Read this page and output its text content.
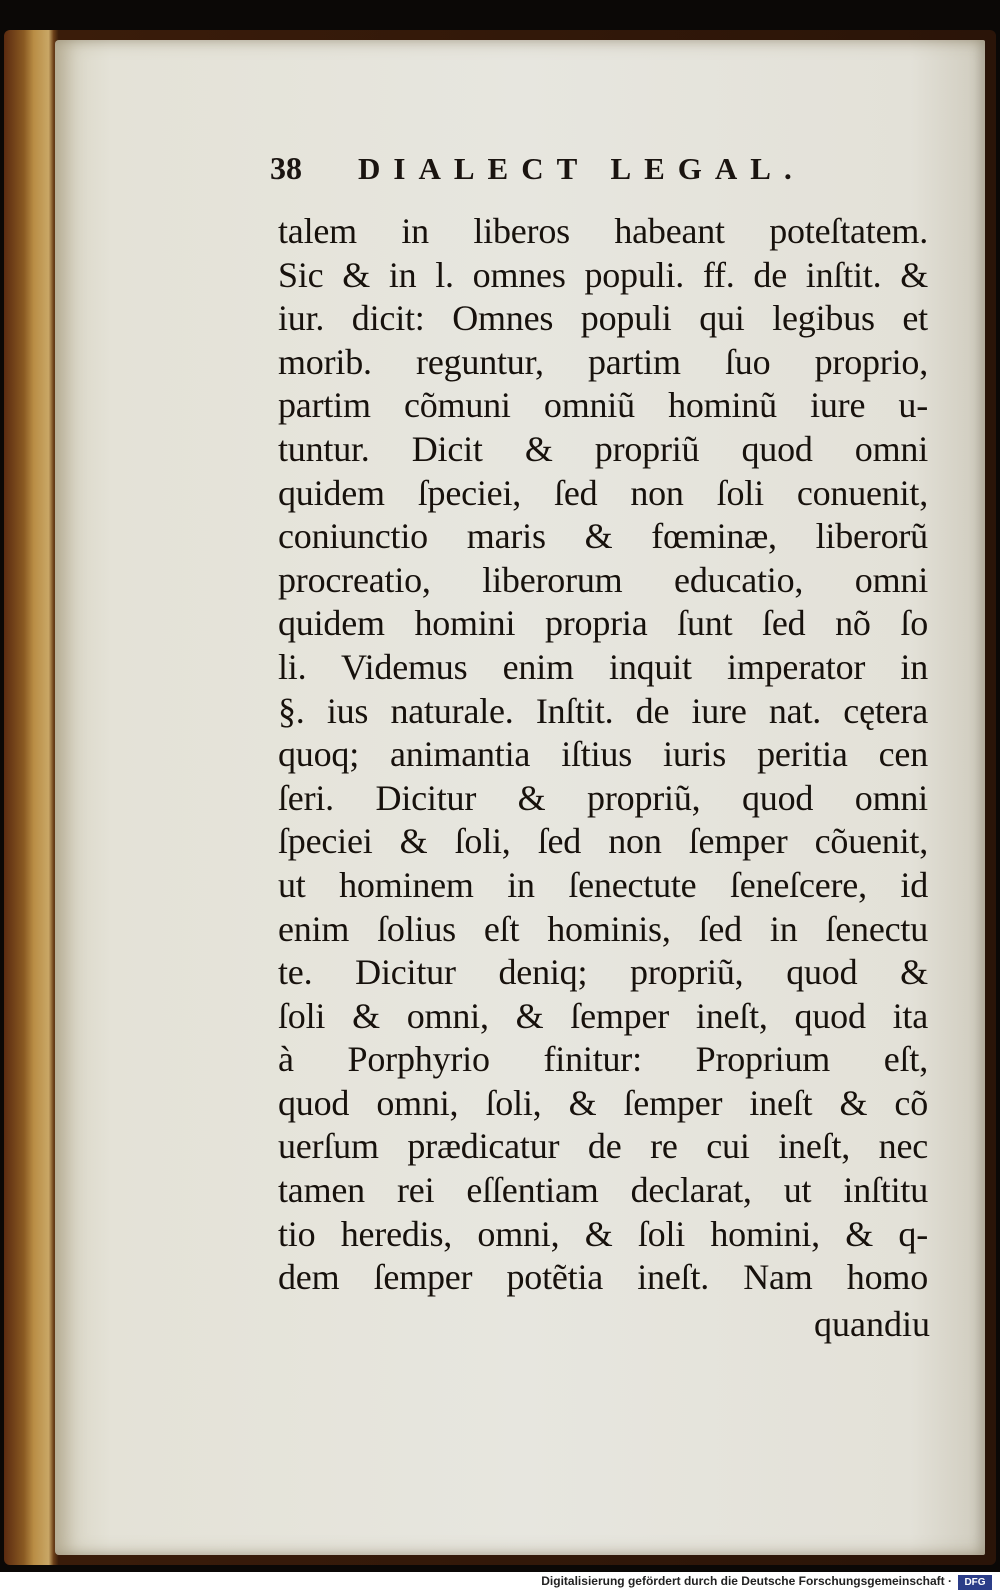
38	DIALECT LEGAL.
talem in liberos habeant poteſtatem.
Sic & in l. omnes populi. ff. de inſtit. &
iur. dicit: Omnes populi qui legibus et
morib. reguntur, partim ſuo proprio,
partim cõmuni omniũ hominũ iure u-
tuntur. Dicit & propriũ quod omni
quidem ſpeciei, ſed non ſoli conuenit,
coniunctio maris & fœminæ, liberorũ
procreatio, liberorum educatio, omni
quidem homini propria ſunt ſed nõ ſo
li. Videmus enim inquit imperator in
§. ius naturale. Inſtit. de iure nat. cętera
quoq; animantia iſtius iuris peritia cen
ſeri. Dicitur & propriũ, quod omni
ſpeciei & ſoli, ſed non ſemper cõuenit,
ut hominem in ſenectute ſeneſcere, id
enim ſolius eſt hominis, ſed in ſenectu
te. Dicitur deniq; propriũ, quod &
ſoli & omni, & ſemper ineſt, quod ita
à Porphyrio finitur: Proprium eſt,
quod omni, ſoli, & ſemper ineſt & cõ
uerſum prædicatur de re cui ineſt, nec
tamen rei eſſentiam declarat, ut inſtitu
tio heredis, omni, & ſoli homini, & q-
dem ſemper potẽtia ineſt. Nam homo
quandiu
Digitalisierung gefördert durch die Deutsche Forschungsgemeinschaft ·	DFG
